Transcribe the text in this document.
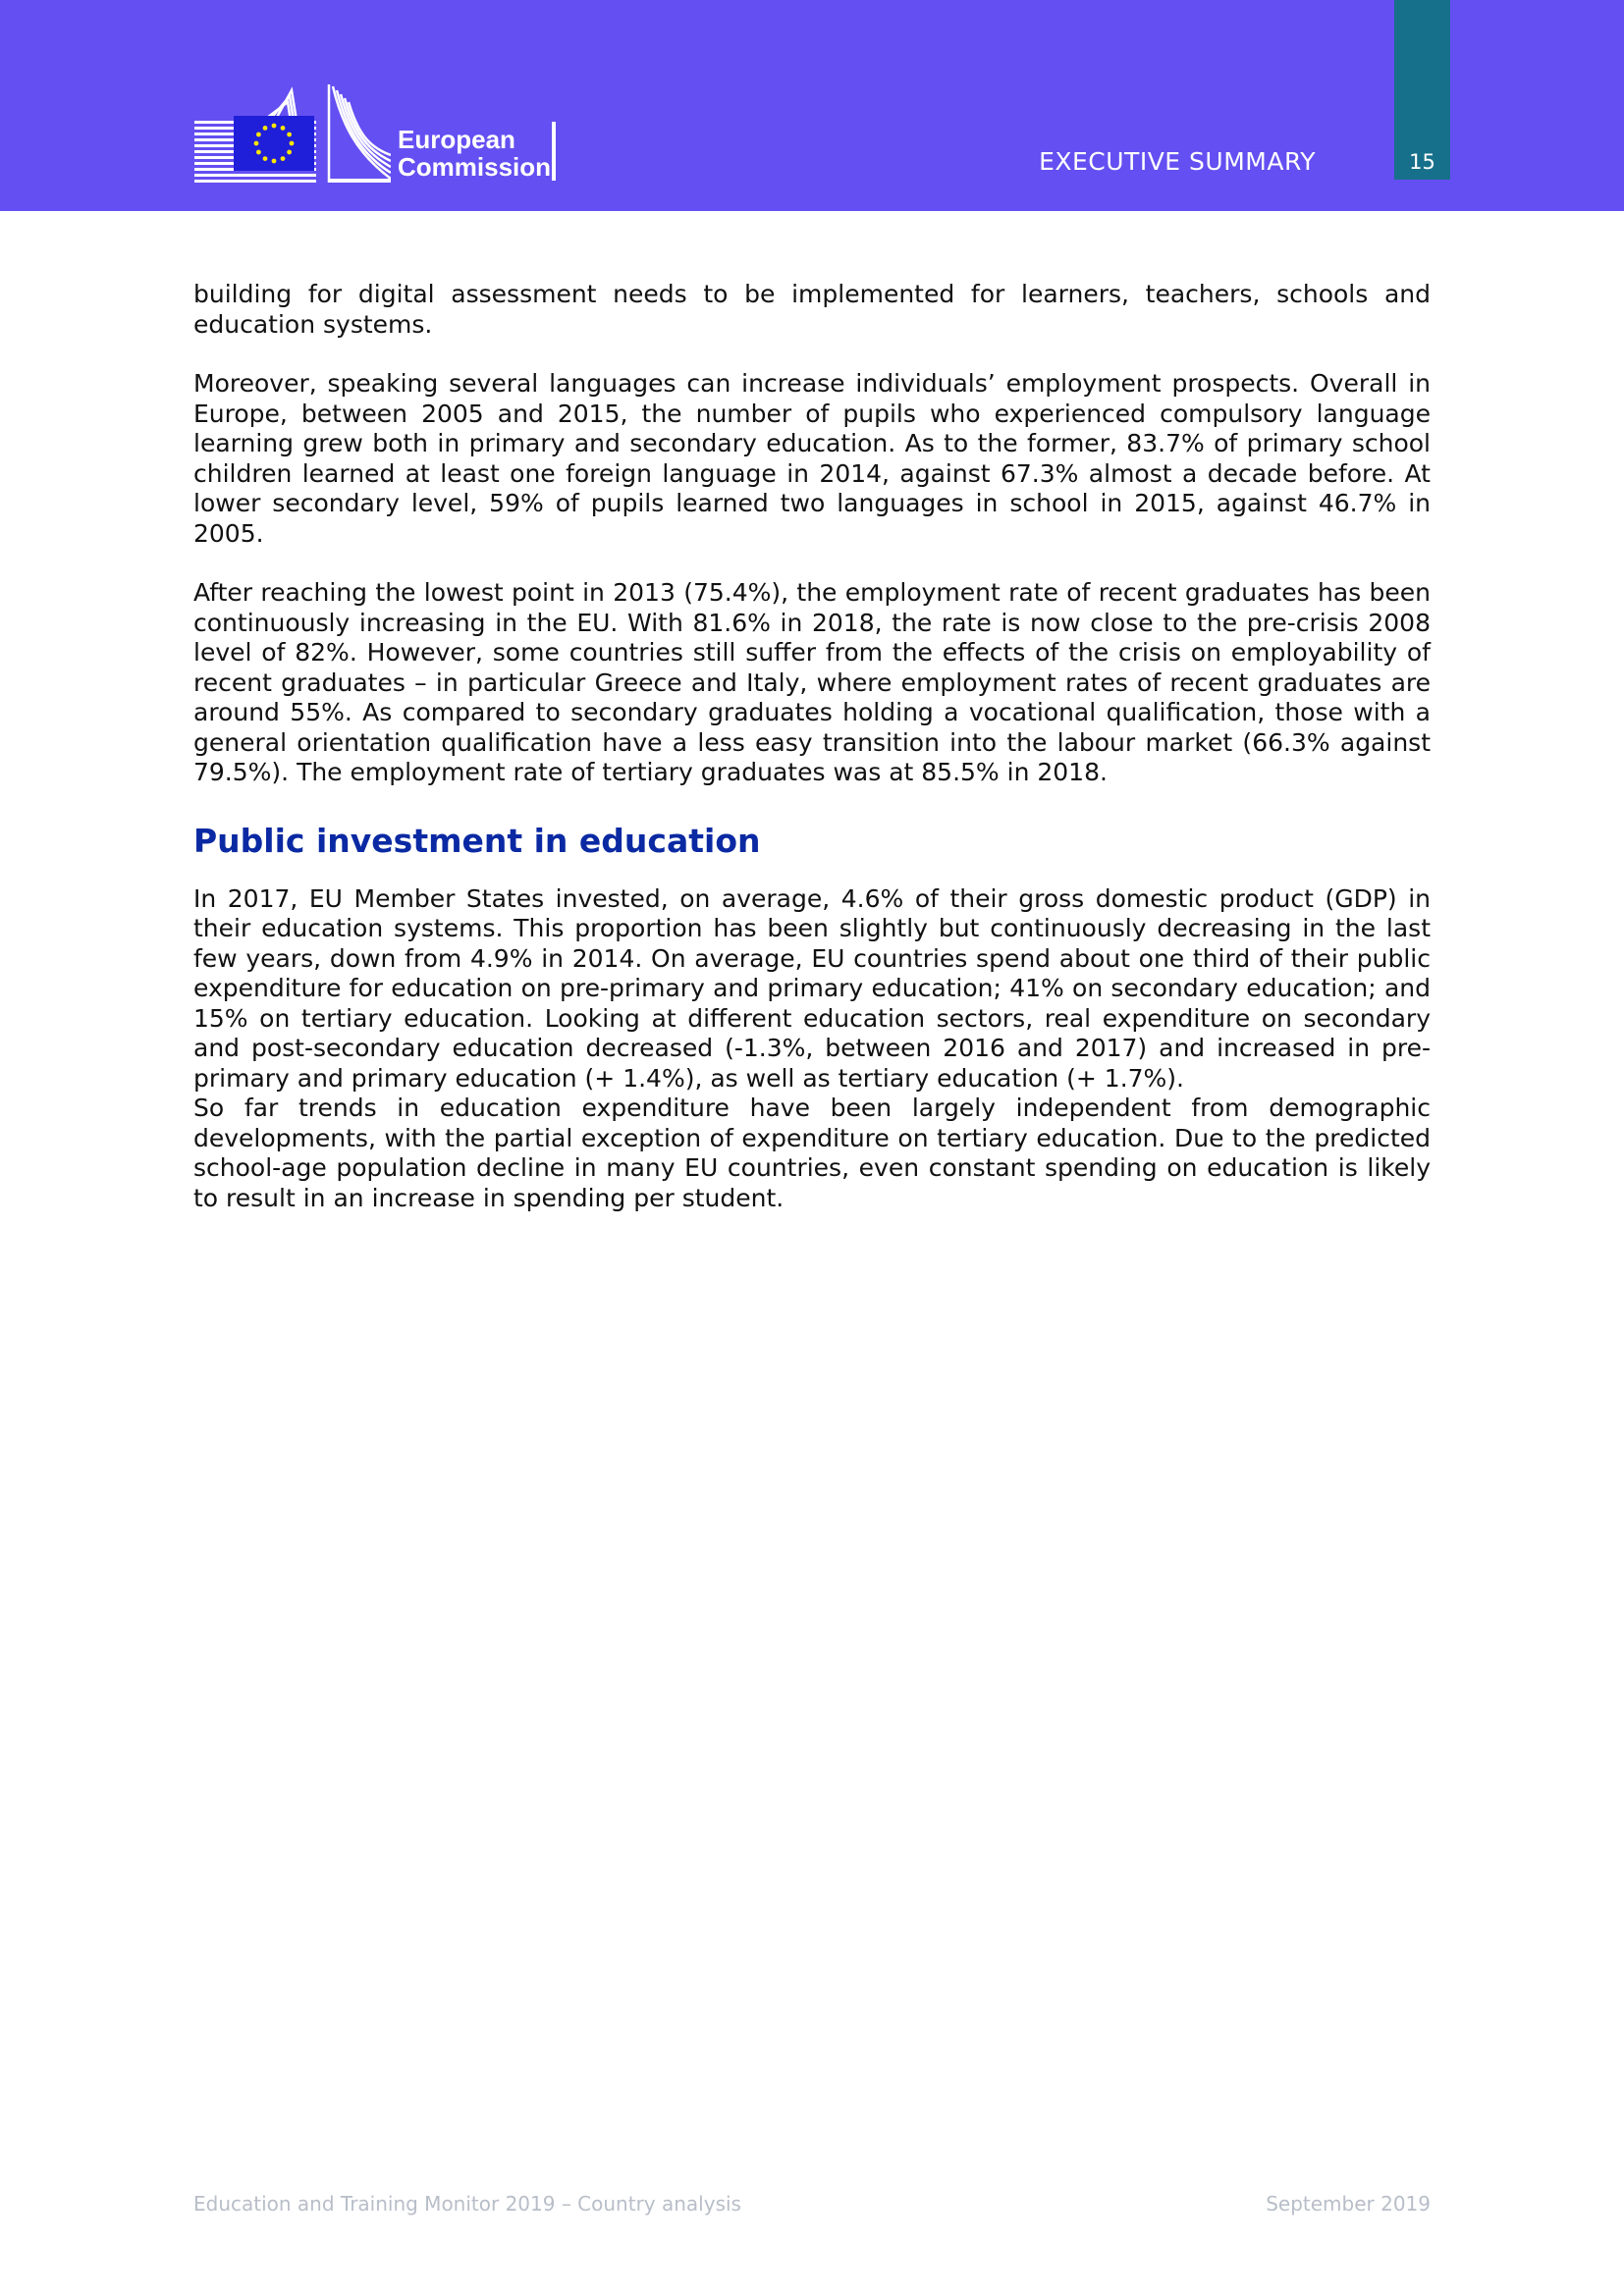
European
Commission	EXECUTIVE SUMMARY	15

building for digital assessment needs to be implemented for learners, teachers, schools and education systems.

Moreover, speaking several languages can increase individuals’ employment prospects. Overall in Europe, between 2005 and 2015, the number of pupils who experienced compulsory language learning grew both in primary and secondary education. As to the former, 83.7% of primary school children learned at least one foreign language in 2014, against 67.3% almost a decade before. At lower secondary level, 59% of pupils learned two languages in school in 2015, against 46.7% in 2005.

After reaching the lowest point in 2013 (75.4%), the employment rate of recent graduates has been continuously increasing in the EU. With 81.6% in 2018, the rate is now close to the pre-crisis 2008 level of 82%. However, some countries still suffer from the effects of the crisis on employability of recent graduates – in particular Greece and Italy, where employment rates of recent graduates are around 55%. As compared to secondary graduates holding a vocational qualification, those with a general orientation qualification have a less easy transition into the labour market (66.3% against 79.5%). The employment rate of tertiary graduates was at 85.5% in 2018.

Public investment in education

In 2017, EU Member States invested, on average, 4.6% of their gross domestic product (GDP) in their education systems. This proportion has been slightly but continuously decreasing in the last few years, down from 4.9% in 2014. On average, EU countries spend about one third of their public expenditure for education on pre-primary and primary education; 41% on secondary education; and 15% on tertiary education. Looking at different education sectors, real expenditure on secondary and post-secondary education decreased (-1.3%, between 2016 and 2017) and increased in pre-primary and primary education (+ 1.4%), as well as tertiary education (+ 1.7%).

So far trends in education expenditure have been largely independent from demographic developments, with the partial exception of expenditure on tertiary education. Due to the predicted school-age population decline in many EU countries, even constant spending on education is likely to result in an increase in spending per student.

Education and Training Monitor 2019 – Country analysis	September 2019
